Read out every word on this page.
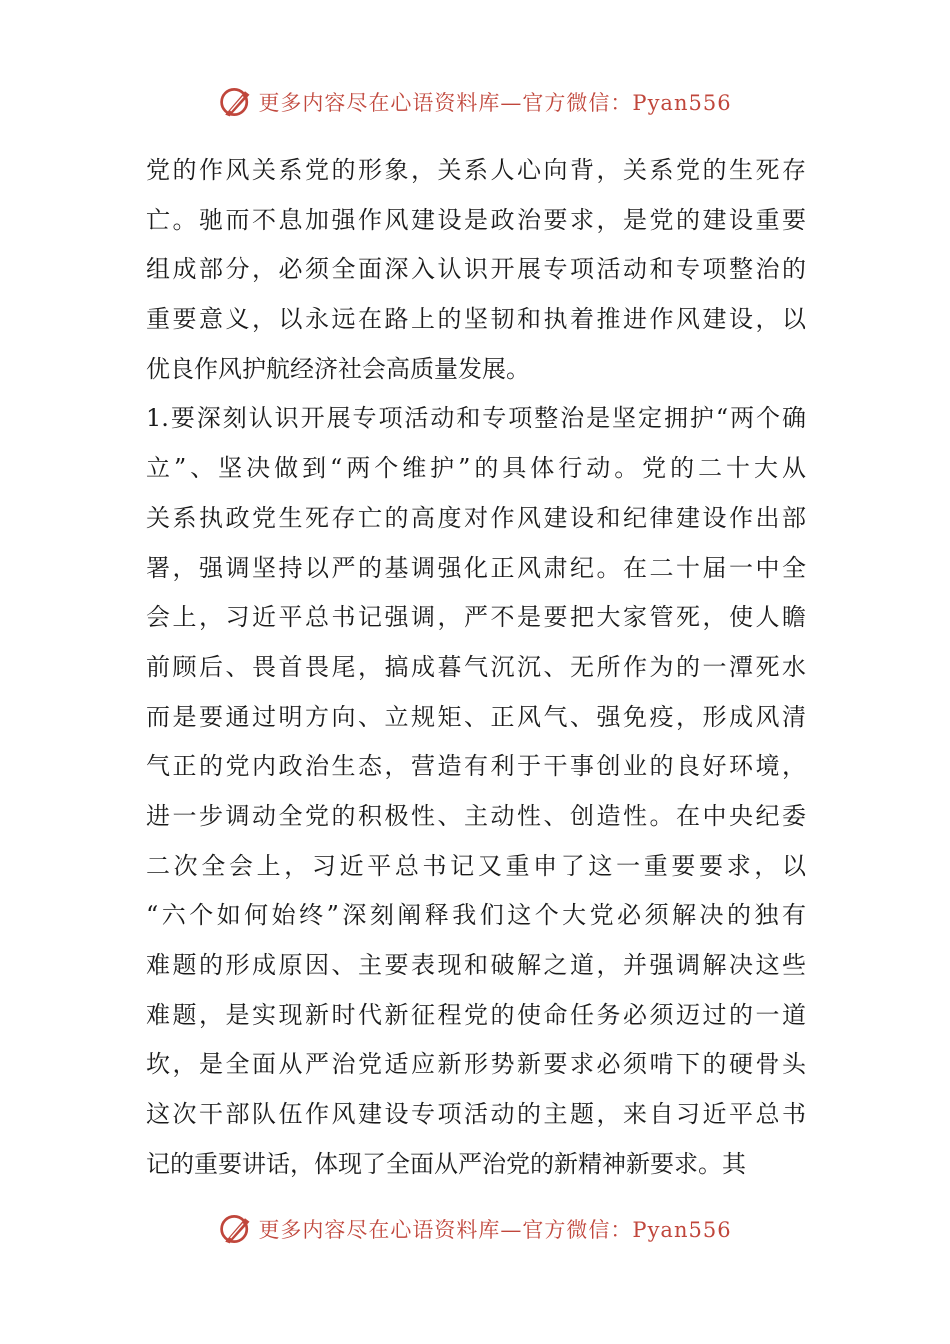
更多内容尽在心语资料库—官方微信：Pyan556
党的作风关系党的形象，关系人心向背，关系党的生死存
亡。驰而不息加强作风建设是政治要求，是党的建设重要
组成部分，必须全面深入认识开展专项活动和专项整治的
重要意义，以永远在路上的坚韧和执着推进作风建设，以
优良作风护航经济社会高质量发展。
1.要深刻认识开展专项活动和专项整治是坚定拥护“两个确
立”、坚决做到“两个维护”的具体行动。党的二十大从
关系执政党生死存亡的高度对作风建设和纪律建设作出部
署，强调坚持以严的基调强化正风肃纪。在二十届一中全
会上，习近平总书记强调，严不是要把大家管死，使人瞻
前顾后、畏首畏尾，搞成暮气沉沉、无所作为的一潭死水
而是要通过明方向、立规矩、正风气、强免疫，形成风清
气正的党内政治生态，营造有利于干事创业的良好环境，
进一步调动全党的积极性、主动性、创造性。在中央纪委
二次全会上，习近平总书记又重申了这一重要要求，以
“六个如何始终”深刻阐释我们这个大党必须解决的独有
难题的形成原因、主要表现和破解之道，并强调解决这些
难题，是实现新时代新征程党的使命任务必须迈过的一道
坎，是全面从严治党适应新形势新要求必须啃下的硬骨头
这次干部队伍作风建设专项活动的主题，来自习近平总书
记的重要讲话，体现了全面从严治党的新精神新要求。其
更多内容尽在心语资料库—官方微信：Pyan556
